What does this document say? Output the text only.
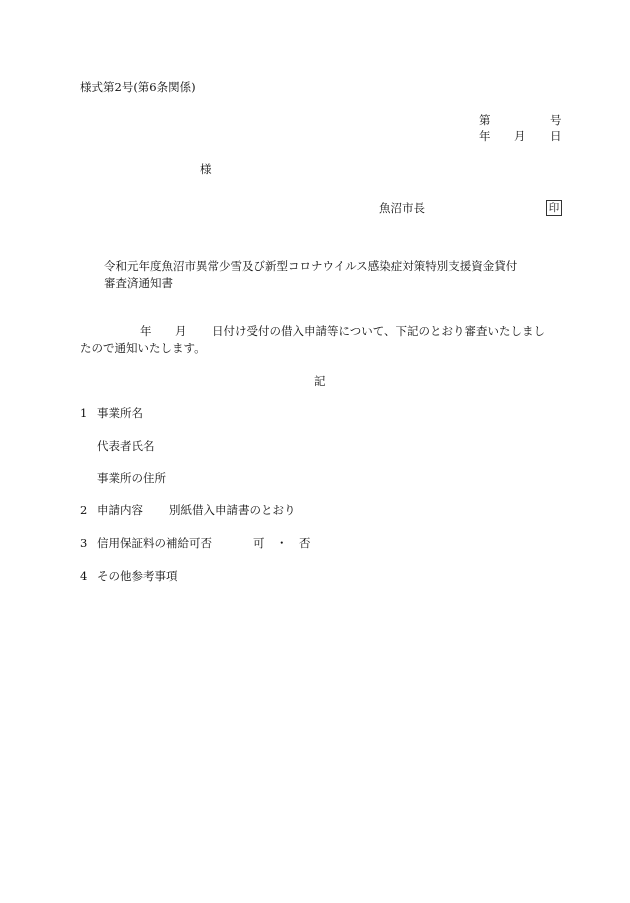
様式第2号(第6条関係)
第	号
年 月 日
様
魚沼市長	印
令和元年度魚沼市異常少雪及び新型コロナウイルス感染症対策特別支援資金貸付
審査済通知書
年 月 日付け受付の借入申請等について、下記のとおり審査いたしまし
たので通知いたします。
記
1 事業所名
代表者氏名
事業所の住所
2 申請内容 別紙借入申請書のとおり
3 信用保証料の補給可否	可　・　否
4 その他参考事項
